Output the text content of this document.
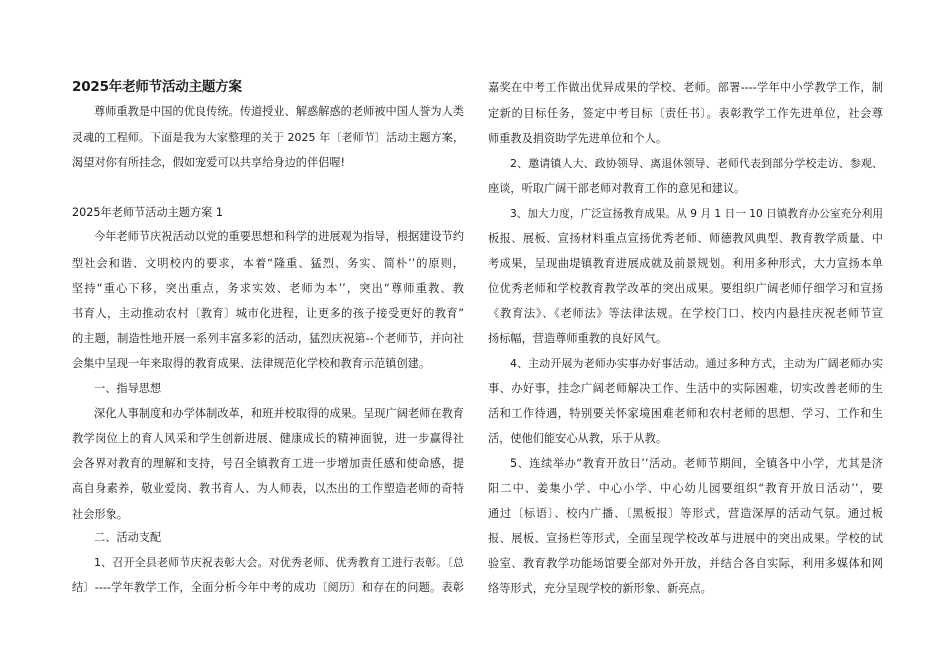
2025年老师节活动主题方案
尊师重教是中国的优良传统。传道授业、解惑解惑的老师被中国人誉为人类
灵魂的工程师。下面是我为大家整理的关于 2025 年〔老师节〕活动主题方案，
渴望对你有所挂念，假如宠爱可以共享给身边的伴侣喔!
2025年老师节活动主题方案 1
今年老师节庆祝活动以党的重要思想和科学的进展观为指导，根据建设节约
型社会和谐、文明校内的要求，本着“隆重、猛烈、务实、简朴’’的原则，
坚持“重心下移，突出重点，务求实效、老师为本’’，突出“尊师重教、教
书育人，主动推动农村〔教育〕城市化进程，让更多的孩子接受更好的教育”
的主题，制造性地开展一系列丰富多彩的活动，猛烈庆祝第--个老师节，并向社
会集中呈现一年来取得的教育成果、法律规范化学校和教育示范镇创建。
一、指导思想
深化人事制度和办学体制改革，和班并校取得的成果。呈现广阔老师在教育
教学岗位上的育人风采和学生创新进展、健康成长的精神面貌，进一步赢得社
会各界对教育的理解和支持，号召全镇教育工进一步增加责任感和使命感，提
高自身素养，敬业爱岗、教书育人、为人师表，以杰出的工作塑造老师的奇特
社会形象。
二、活动支配
1、召开全县老师节庆祝表彰大会。对优秀老师、优秀教育工进行表彰。〔总
结〕----学年教学工作，全面分析今年中考的成功〔阅历〕和存在的问题。表彰
嘉奖在中考工作做出优异成果的学校、老师。部署----学年中小学教学工作，制
定新的目标任务，签定中考目标〔责任书〕。表彰教学工作先进单位，社会尊
师重教及捐资助学先进单位和个人。
2、邀请镇人大、政协领导、离退休领导、老师代表到部分学校走访、参观、
座谈，听取广阔干部老师对教育工作的意见和建议。
3、加大力度，广泛宣扬教育成果。从 9 月 1 日一 10 日镇教育办公室充分利用
板报、展板、宣扬材料重点宣扬优秀老师、师德教风典型、教育教学质量、中
考成果，呈现曲堤镇教育进展成就及前景规划。利用多种形式，大力宣扬本单
位优秀老师和学校教育教学改革的突出成果。要组织广阔老师仔细学习和宣扬
《教育法》、《老师法》等法律法规。在学校门口、校内内悬挂庆祝老师节宣
扬标幅，营造尊师重教的良好风气。
4、主动开展为老师办实事办好事活动。通过多种方式，主动为广阔老师办实
事、办好事，挂念广阔老师解决工作、生活中的实际困难，切实改善老师的生
活和工作待遇，特别要关怀家境困难老师和农村老师的思想、学习、工作和生
活，使他们能安心从教，乐于从教。
5、连续举办“教育开放日’’活动。老师节期间，全镇各中小学，尤其是济
阳二中、姜集小学、中心小学、中心幼儿园要组织“教育开放日活动’’，要
通过〔标语〕、校内广播、〔黑板报〕等形式，营造深厚的活动气氛。通过板
报、展板、宣扬栏等形式，全面呈现学校改革与进展中的突出成果。学校的试
验室、教育教学功能场馆要全部对外开放，并结合各自实际，利用多媒体和网
络等形式，充分呈现学校的新形象、新亮点。
